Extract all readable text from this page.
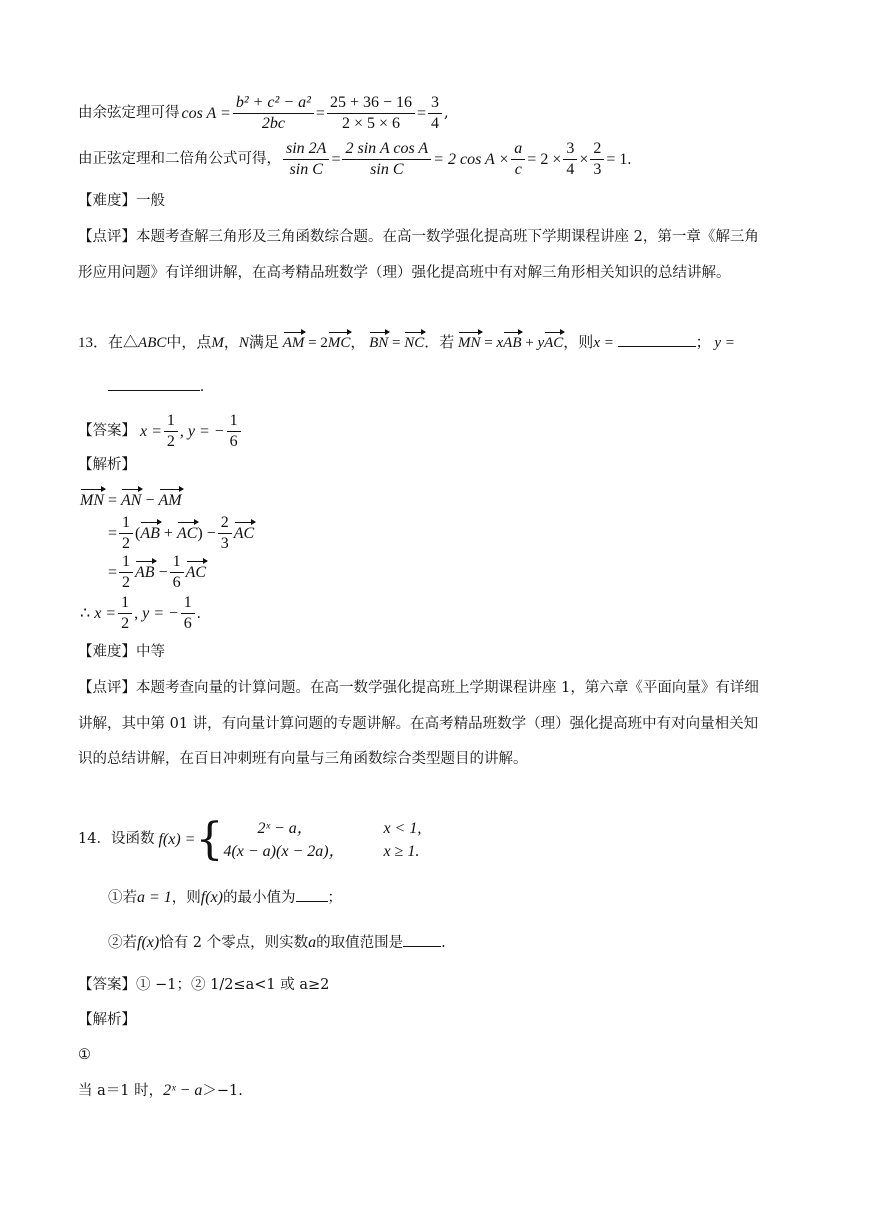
由余弦定理可得 $\cos A = \frac{\text{b² + c² − a²}}{2bc} = \frac{25 + 36 - 16}{2 \times 5 \times 6} = \frac{3}{4}$ ,
由正弦定理和二倍角公式可得， $\frac{\sin 2A}{\text{sin C}} = \frac{\text{2 sin A cos A}}{\text{sin C}} = 2$ $\cos A \times \frac{a}{c} = 2 \times \frac{3}{4} \times \frac{2}{3} = 1$.
【难度】一般
【点评】本题考查解三角形及三角函数综合题。在高一数学强化提高班下学期课程讲座 2，第一章《解三角
形应用问题》有详细讲解，在高考精品班数学（理）强化提高班中有对解三角形相关知识的总结讲解。
13．在△ABC中，点M，N满足 AM = 2MC， BN = NC．若 MN = xAB + yAC，则x =	； y =
.
【答案】 $x = \frac{1}{2}$ , y = − $\frac{1}{6}$
【解析】
MN = AN − AM
= $\frac{1}{2} (AB + AC) - \frac{2}{3}$ AC
= $\frac{1}{2}$ AB − $\frac{1}{6}$ AC
∴ $x = \frac{1}{2}$ , y = − $\frac{1}{6}$ .
【难度】中等
【点评】本题考查向量的计算问题。在高一数学强化提高班上学期课程讲座 1，第六章《平面向量》有详细
讲解，其中第 01 讲，有向量计算问题的专题讲解。在高考精品班数学（理）强化提高班中有对向量相关知
识的总结讲解，在百日冲刺班有向量与三角函数综合类型题目的讲解。
14．设函数 f(x) = {	2ˣ − a，	x < 1,
4(x − a)(x − 2a)，	x ≥ 1.
①若a = 1，则f(x)的最小值为 ；
②若f(x)恰有 2 个零点，则实数a的取值范围是	.
【答案】① −1；② 1/2≤a<1 或 a≥2
【解析】
①
当 a＝1 时，2ˣ − a＞−1.
